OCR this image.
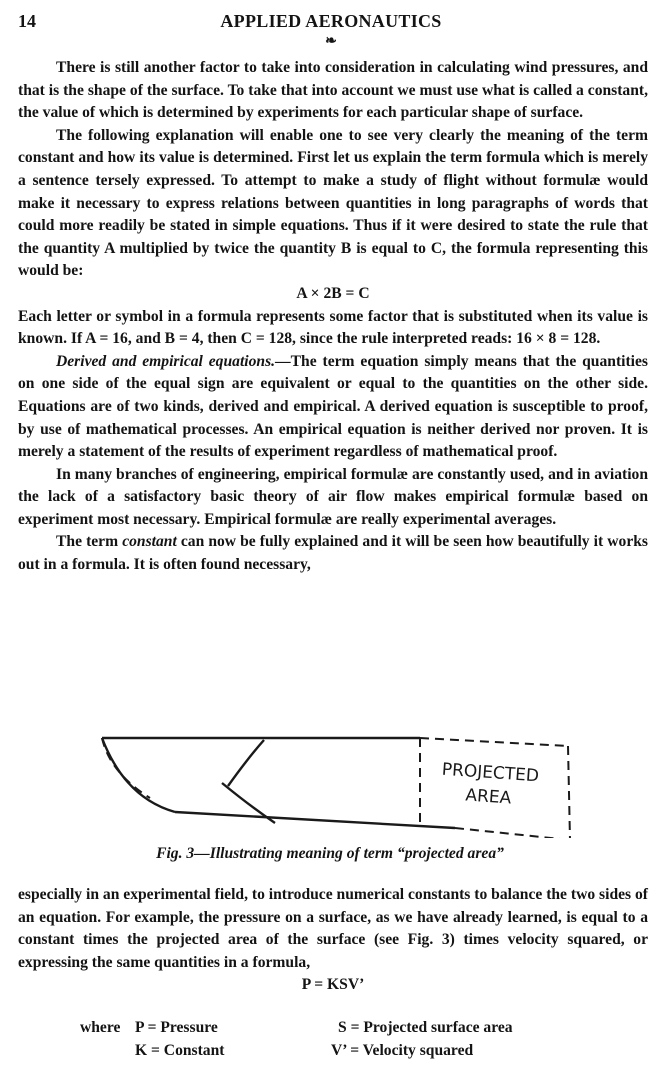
14	APPLIED AERONAUTICS
❧

There is still another factor to take into consideration in calculating wind pressures, and that is the shape of the surface. To take that into account we must use what is called a constant, the value of which is determined by experiments for each particular shape of surface.

The following explanation will enable one to see very clearly the meaning of the term constant and how its value is determined. First let us explain the term formula which is merely a sentence tersely expressed. To attempt to make a study of flight without formulæ would make it necessary to express relations between quantities in long paragraphs of words that could more readily be stated in simple equations. Thus if it were desired to state the rule that the quantity A multiplied by twice the quantity B is equal to C, the formula representing this would be:

A × 2B = C

Each letter or symbol in a formula represents some factor that is substituted when its value is known. If A = 16, and B = 4, then C = 128, since the rule interpreted reads: 16 × 8 = 128.

Derived and empirical equations.—The term equation simply means that the quantities on one side of the equal sign are equivalent or equal to the quantities on the other side. Equations are of two kinds, derived and empirical. A derived equation is susceptible to proof, by use of mathematical processes. An empirical equation is neither derived nor proven. It is merely a statement of the results of experiment regardless of mathematical proof.

In many branches of engineering, empirical formulæ are constantly used, and in aviation the lack of a satisfactory basic theory of air flow makes empirical formulæ based on experiment most necessary. Empirical formulæ are really experimental averages.

The term constant can now be fully explained and it will be seen how beautifully it works out in a formula. It is often found necessary,

PROJECTED
AREA
Fig. 3—Illustrating meaning of term “projected area”

especially in an experimental field, to introduce numerical constants to balance the two sides of an equation. For example, the pressure on a surface, as we have already learned, is equal to a constant times the projected area of the surface (see Fig. 3) times velocity squared, or expressing the same quantities in a formula,

P = KSV’
where P = Pressure	S = Projected surface area
K = Constant	V’ = Velocity squared
